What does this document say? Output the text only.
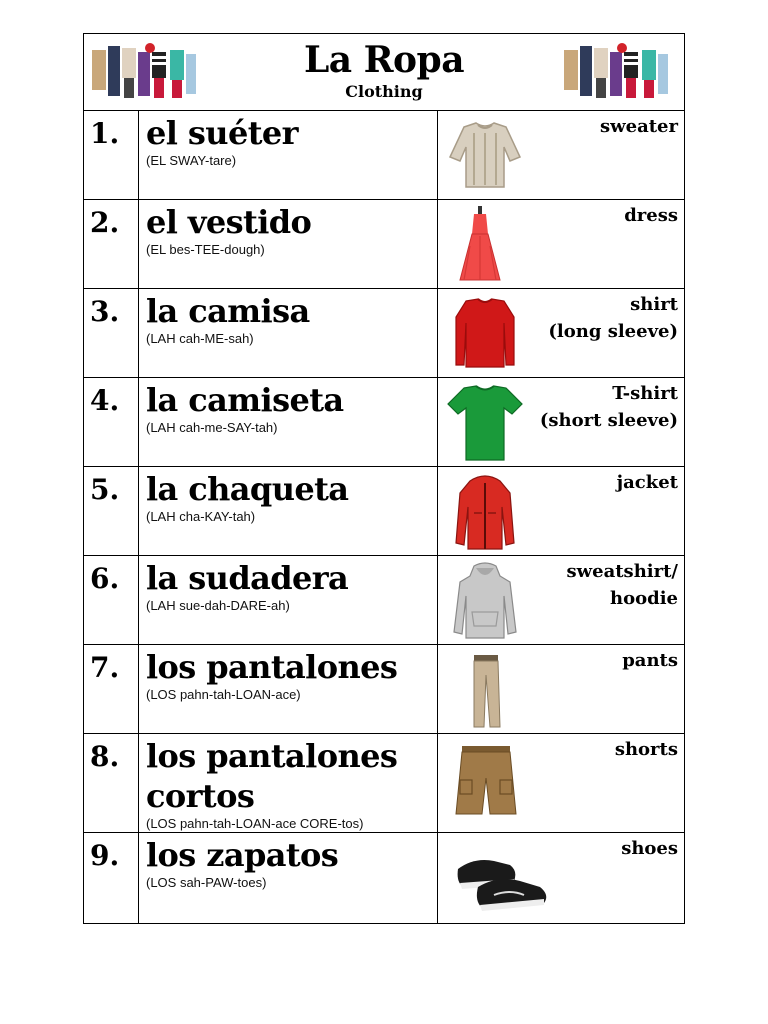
La Ropa
Clothing
1. el suéter
(EL SWAY-tare)
sweater
2. el vestido
(EL bes-TEE-dough)
dress
3. la camisa
(LAH cah-ME-sah)
shirt
(long sleeve)
4. la camiseta
(LAH cah-me-SAY-tah)
T-shirt
(short sleeve)
5. la chaqueta
(LAH cha-KAY-tah)
jacket
6. la sudadera
(LAH sue-dah-DARE-ah)
sweatshirt/
hoodie
7. los pantalones
(LOS pahn-tah-LOAN-ace)
pants
8. los pantalones cortos
(LOS pahn-tah-LOAN-ace CORE-tos)
shorts
9. los zapatos
(LOS sah-PAW-toes)
shoes
